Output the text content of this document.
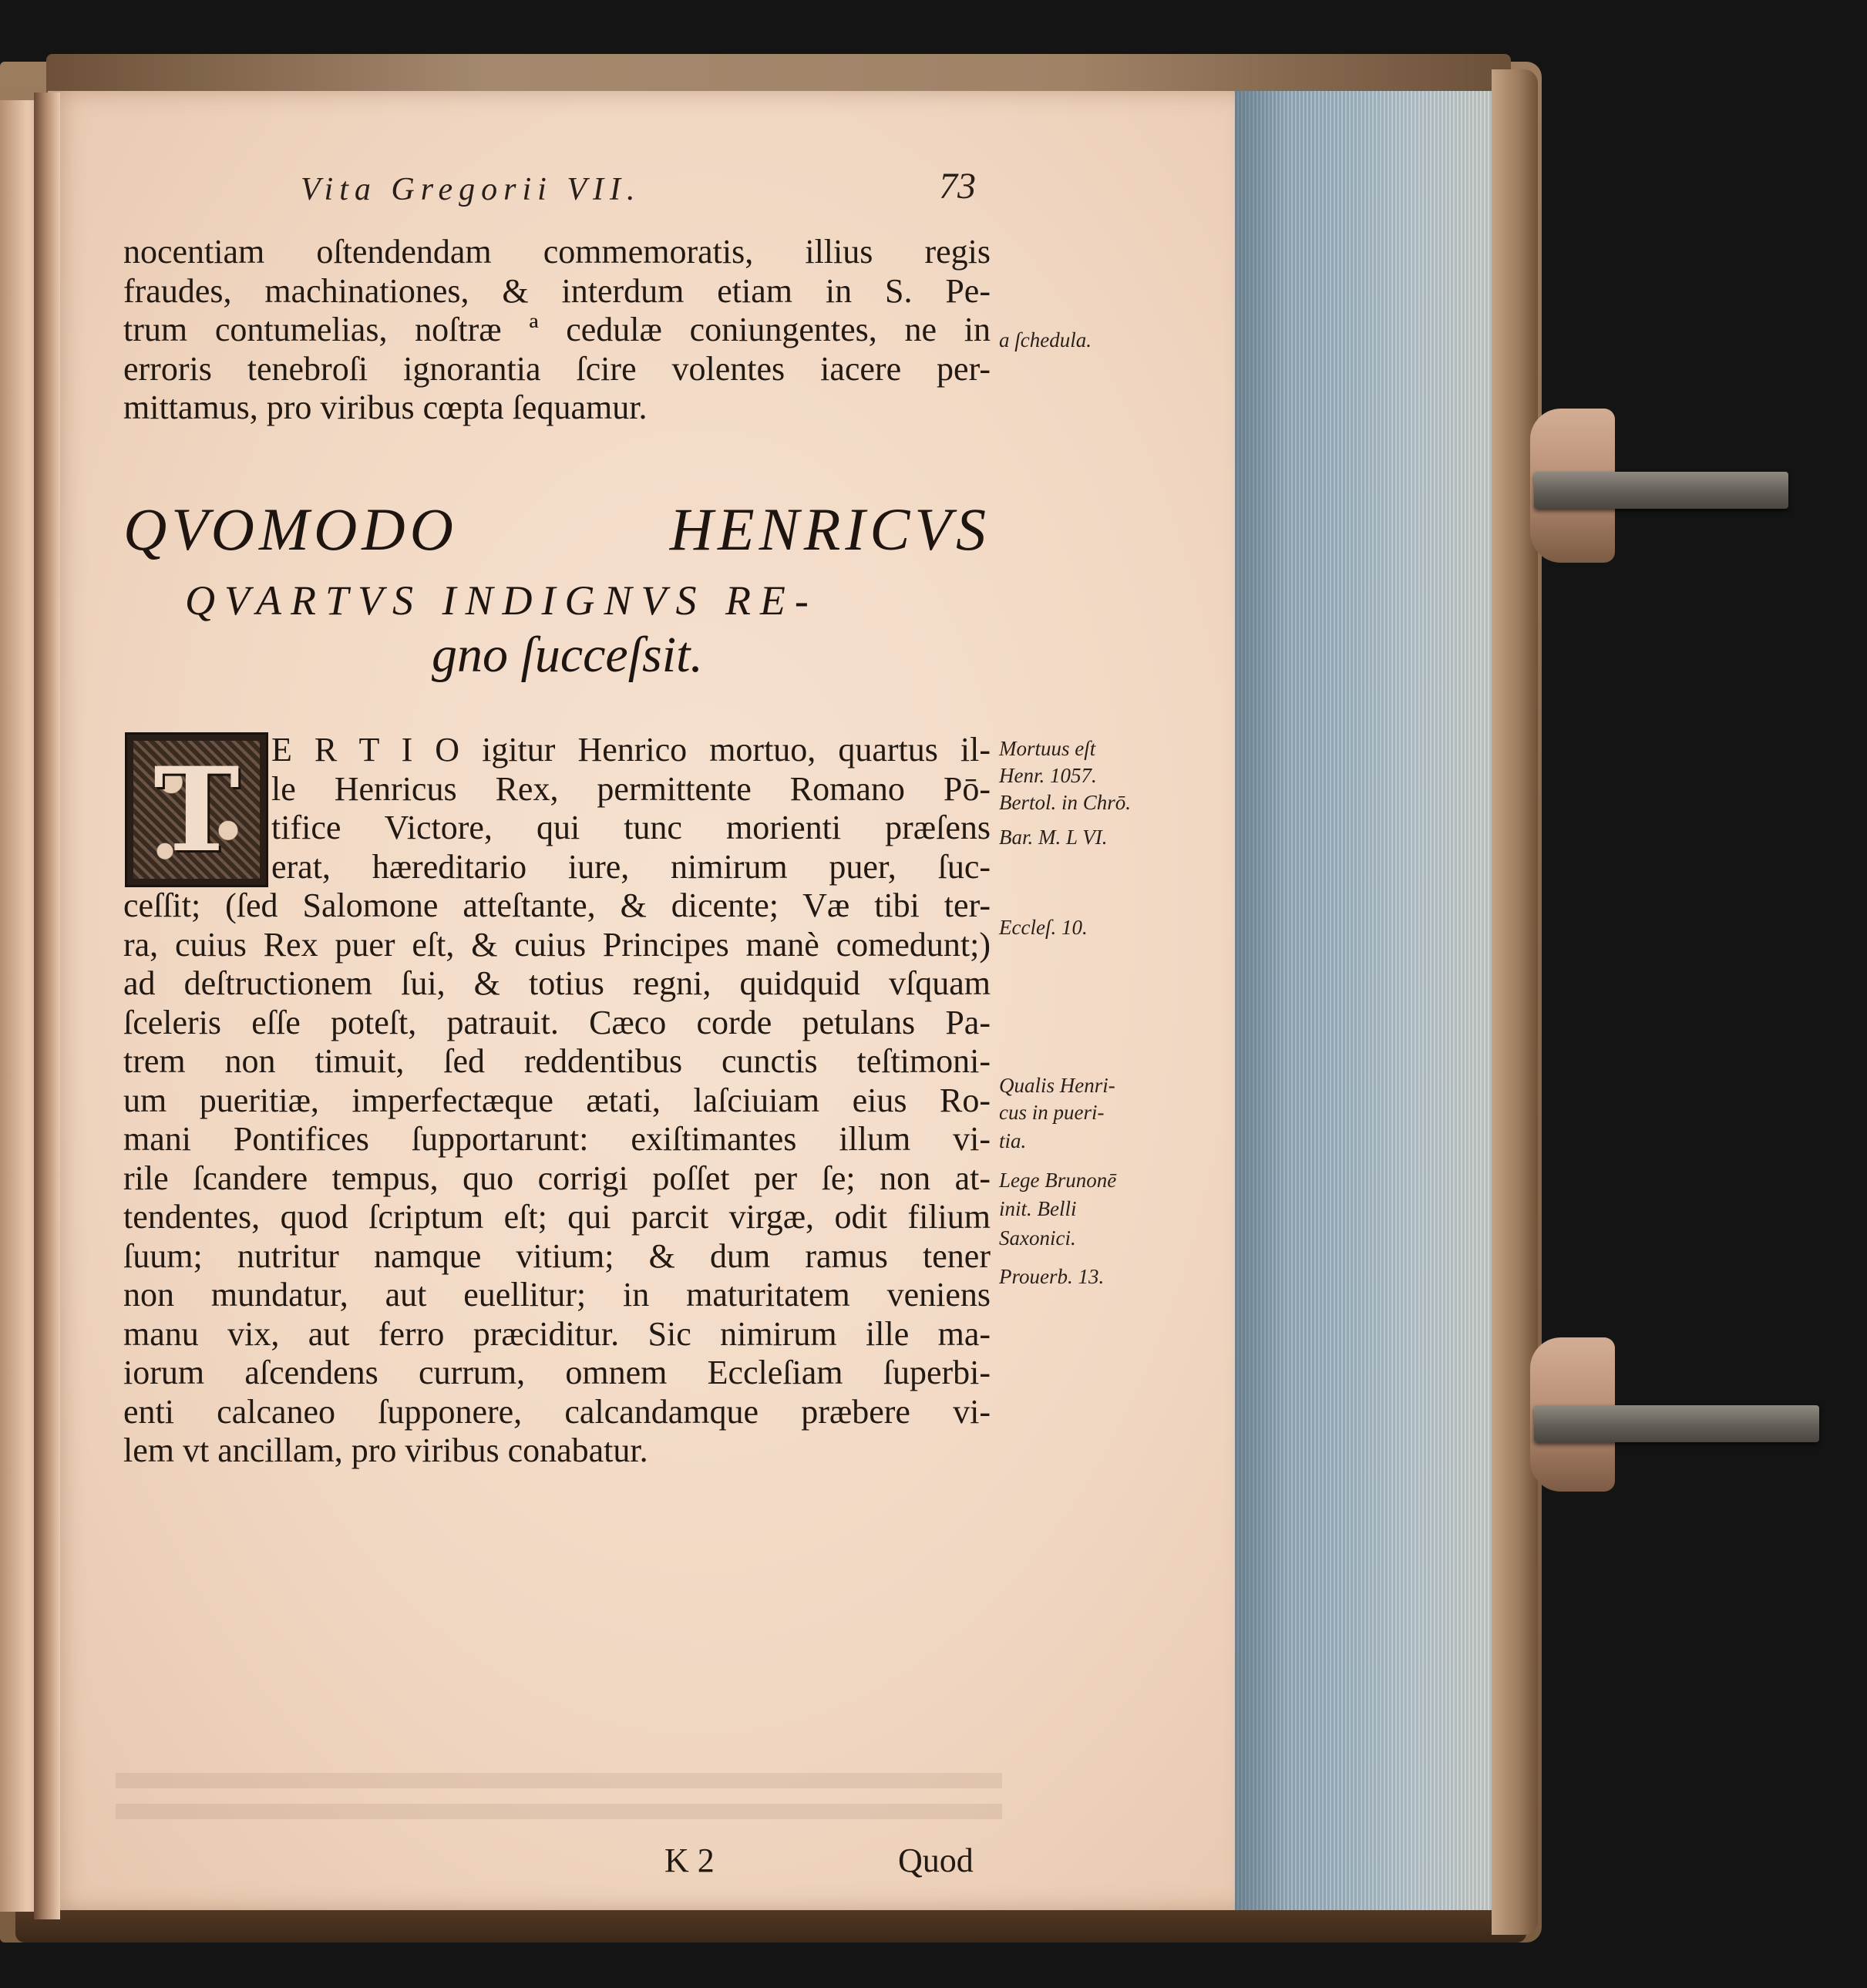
Vita Gregorii VII.	73

nocentiam oſtendendam commemoratis, illius regis
fraudes, machinationes, & interdum etiam in S. Pe-
trum contumelias, noſtræ ª cedulæ coniungentes, ne in
erroris tenebroſi ignorantia ſcire volentes iacere per-
mittamus, pro viribus cœpta ſequamur.

QVOMODO HENRICVS

QVARTVS INDIGNVS RE-

gno ſucceſsit.

T E R T I O igitur Henrico mortuo, quartus il-
le Henricus Rex, permittente Romano Pō-
tifice Victore, qui tunc morienti præſens
erat, hæreditario iure, nimirum puer, ſuc-
ceſſit; (ſed Salomone atteſtante, & dicente; Væ tibi ter-
ra, cuius Rex puer eſt, & cuius Principes manè comedunt;)
ad deſtructionem ſui, & totius regni, quidquid vſquam
ſceleris eſſe poteſt, patrauit. Cæco corde petulans Pa-
trem non timuit, ſed reddentibus cunctis teſtimoni-
um pueritiæ, imperfectæque ætati, laſciuiam eius Ro-
mani Pontifices ſupportarunt: exiſtimantes illum vi-
rile ſcandere tempus, quo corrigi poſſet per ſe; non at-
tendentes, quod ſcriptum eſt; qui parcit virgæ, odit filium
ſuum; nutritur namque vitium; & dum ramus tener
non mundatur, aut euellitur; in maturitatem veniens
manu vix, aut ferro præciditur. Sic nimirum ille ma-
iorum aſcendens currum, omnem Eccleſiam ſuperbi-
enti calcaneo ſupponere, calcandamque præbere vi-
lem vt ancillam, pro viribus conabatur.

a ſchedula.

Mortuus eſt

Henr. 1057.

Bertol. in Chrō.

Bar. M. L VI.

Eccleſ. 10.

Qualis Henri-

cus in pueri-

tia.

Lege Brunonē

init. Belli

Saxonici.

Prouerb. 13.

K 2	Quod
